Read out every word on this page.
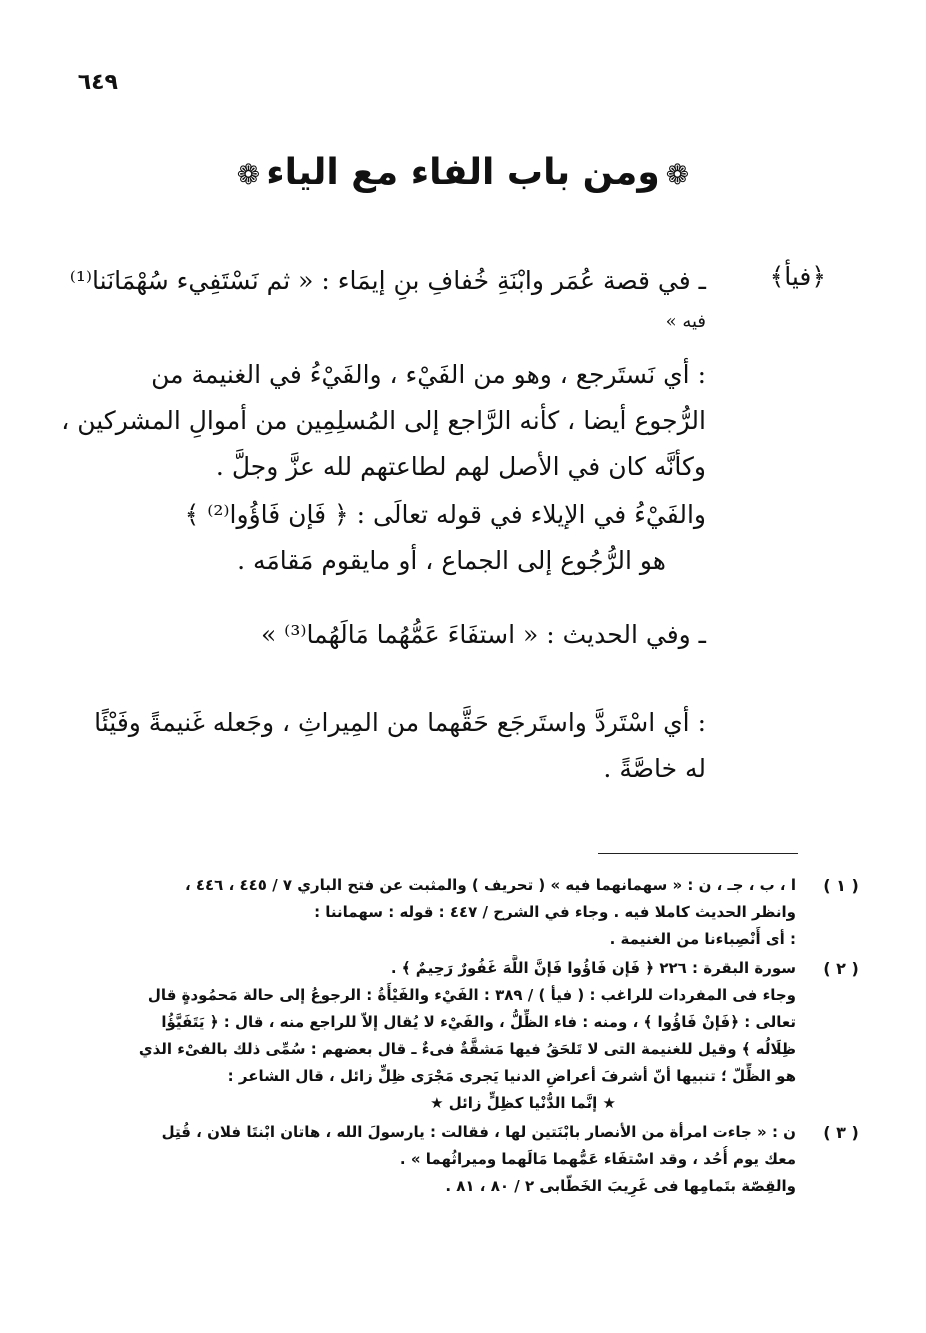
٦٤٩
❁ومن باب الفاء مع الياء❁
﴿فيأ﴾
ـ في قصة عُمَر وابْنَةِ خُفافِ بنِ إيمَاء : « ثم نَسْتَفِيء سُهْمَانَنا⁽¹⁾
فيه »
: أي نَستَرجع ، وهو من الفَيْء ، والفَيْءُ في الغنيمة من
الرُّجوع أيضا ، كأنه الرَّاجع إلى المُسلِمِين من أموالِ المشركين ،
وكأنَّه كان في الأصل لهم لطاعتهم لله عزَّ وجلَّ .
والفَيْءُ في الإيلاء في قوله تعالَى : ﴿ فَإن فَاؤُوا⁽²⁾ ﴾
هو الرُّجُوع إلى الجماع ، أو مايقوم مَقامَه .
ـ وفي الحديث : « استفَاءَ عَمُّهُما مَالَهُما⁽³⁾ »
: أي اسْتَردَّ واستَرجَع حَقَّهما من المِيراثِ ، وجَعله غَنيمةً وفَيْئًا
له خاصَّةً .
( ١ )
ا ، ب ، جـ ، ن : « سهمانهما فيه » ( تحريف ) والمثبت عن فتح الباري ٧ / ٤٤٥ ، ٤٤٦ ،
وانظر الحديث كاملا فيه . وجاء في الشرح / ٤٤٧ : قوله : سهماننا :
: أى أَنْصِباءنا من الغنيمة .
( ٢ )
سورة البقرة : ٢٢٦ ﴿ فَإن فَاؤُوا فَإنَّ اللَّهَ غَفُورٌ رَحِيمٌ ﴾ .
وجاء فى المفردات للراغب : ( فيأ ) / ٣٨٩ : الفَيْء والفَيْأَةُ : الرجوعُ إلى حالة مَحمُودةٍ قال
تعالى : ﴿فَإنْ فَاؤُوا ﴾ ، ومنه : فاء الظِّلُّ ، والفَيْء لا يُقال إلاّ للراجع منه ، قال : ﴿ يَتَفَيَّؤُا
ظِلَالُه ﴾ وقيل للغنيمة التى لا تَلحَقُ فيها مَشقَّةٌ فىءٌ ـ قال بعضهم : سُمِّى ذلك بالفىْء الذي
هو الظِّلّ ؛ تنبيها أنّ أشرفَ أعراضِ الدنيا يَجرى مَجْرَى ظِلٍّ زائل ، قال الشاعر :
★ إنَّما الدُّنْيا كظِلٍّ زائل ★
( ٣ )
ن : « جاءت امرأة من الأنصار بابْنَتين لها ، فقالت : يارسولَ الله ، هاتان ابْنتَا فلان ، قُتِل
معك يوم أُحُد ، وقد اسْتفَاء عَمُّهما مَالَهما وميراثُهما » .
والقِصّة بتَمامِها فى غَرِيبَ الخَطّابى ٢ / ٨٠ ، ٨١ .
